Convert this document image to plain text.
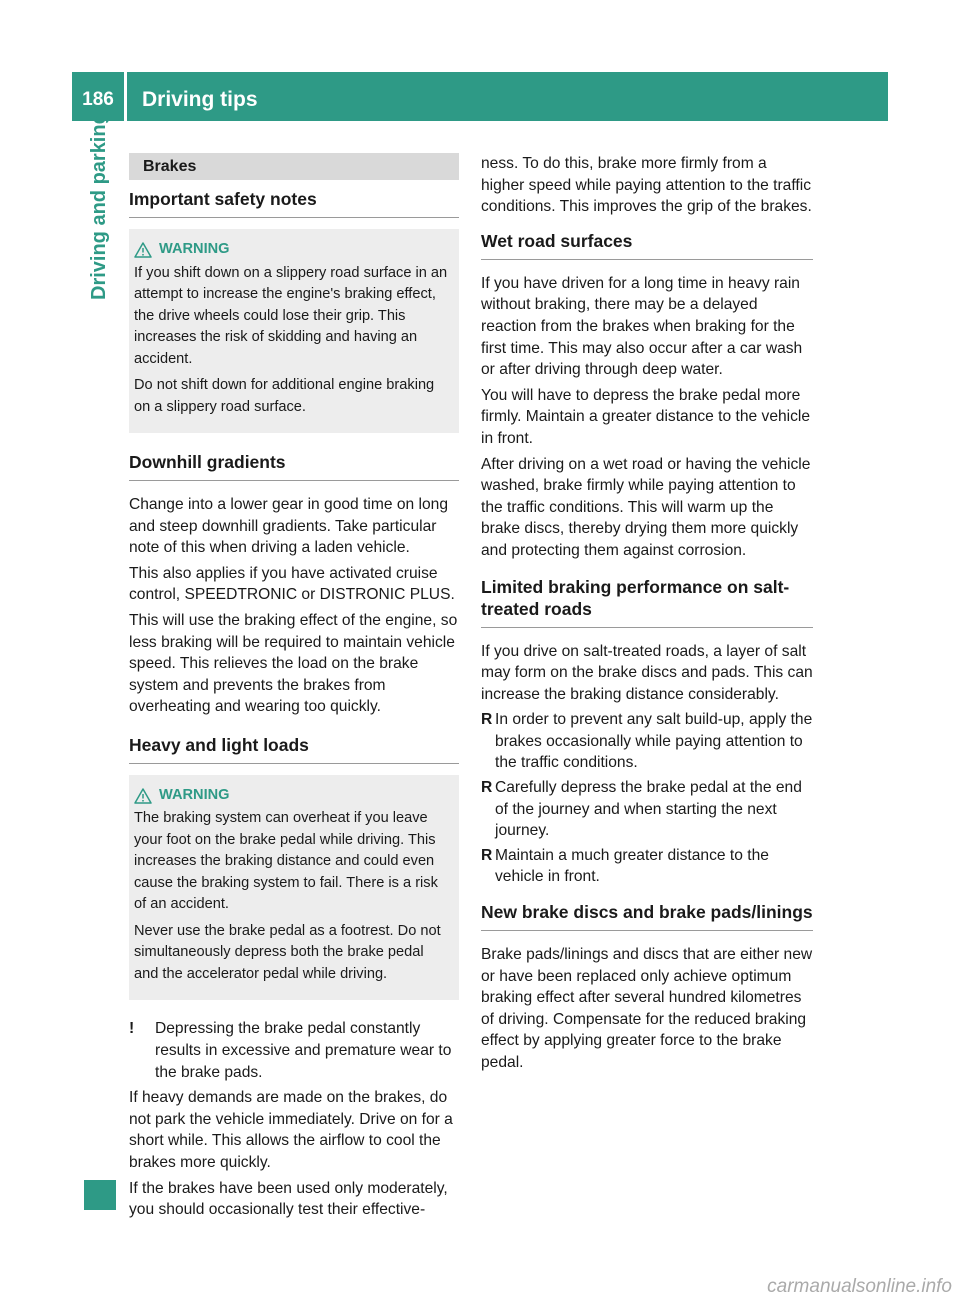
186	Driving tips
Driving and parking	Brakes
Important safety notes
WARNING

If you shift down on a slippery road surface in an attempt to increase the engine's braking effect, the drive wheels could lose their grip. This increases the risk of skidding and having an accident.

Do not shift down for additional engine braking on a slippery road surface.

Downhill gradients

Change into a lower gear in good time on long and steep downhill gradients. Take particular note of this when driving a laden vehicle.

This also applies if you have activated cruise control, SPEEDTRONIC or DISTRONIC PLUS.

This will use the braking effect of the engine, so less braking will be required to maintain vehicle speed. This relieves the load on the brake system and prevents the brakes from overheating and wearing too quickly.

Heavy and light loads
WARNING

The braking system can overheat if you leave your foot on the brake pedal while driving. This increases the braking distance and could even cause the braking system to fail. There is a risk of an accident.

Never use the brake pedal as a footrest. Do not simultaneously depress both the brake pedal and the accelerator pedal while driving.

!	Depressing the brake pedal constantly results in excessive and premature wear to the brake pads.

If heavy demands are made on the brakes, do not park the vehicle immediately. Drive on for a short while. This allows the airflow to cool the brakes more quickly.

If the brakes have been used only moderately, you should occasionally test their effective-

ness. To do this, brake more firmly from a higher speed while paying attention to the traffic conditions. This improves the grip of the brakes.

Wet road surfaces

If you have driven for a long time in heavy rain without braking, there may be a delayed reaction from the brakes when braking for the first time. This may also occur after a car wash or after driving through deep water.

You will have to depress the brake pedal more firmly. Maintain a greater distance to the vehicle in front.

After driving on a wet road or having the vehicle washed, brake firmly while paying attention to the traffic conditions. This will warm up the brake discs, thereby drying them more quickly and protecting them against corrosion.

Limited braking performance on salt-treated roads

If you drive on salt-treated roads, a layer of salt may form on the brake discs and pads. This can increase the braking distance considerably.

R In order to prevent any salt build-up, apply the brakes occasionally while paying attention to the traffic conditions.
R Carefully depress the brake pedal at the end of the journey and when starting the next journey.
R Maintain a much greater distance to the vehicle in front.
New brake discs and brake pads/linings

Brake pads/linings and discs that are either new or have been replaced only achieve optimum braking effect after several hundred kilometres of driving. Compensate for the reduced braking effect by applying greater force to the brake pedal.

carmanualsonline.info
